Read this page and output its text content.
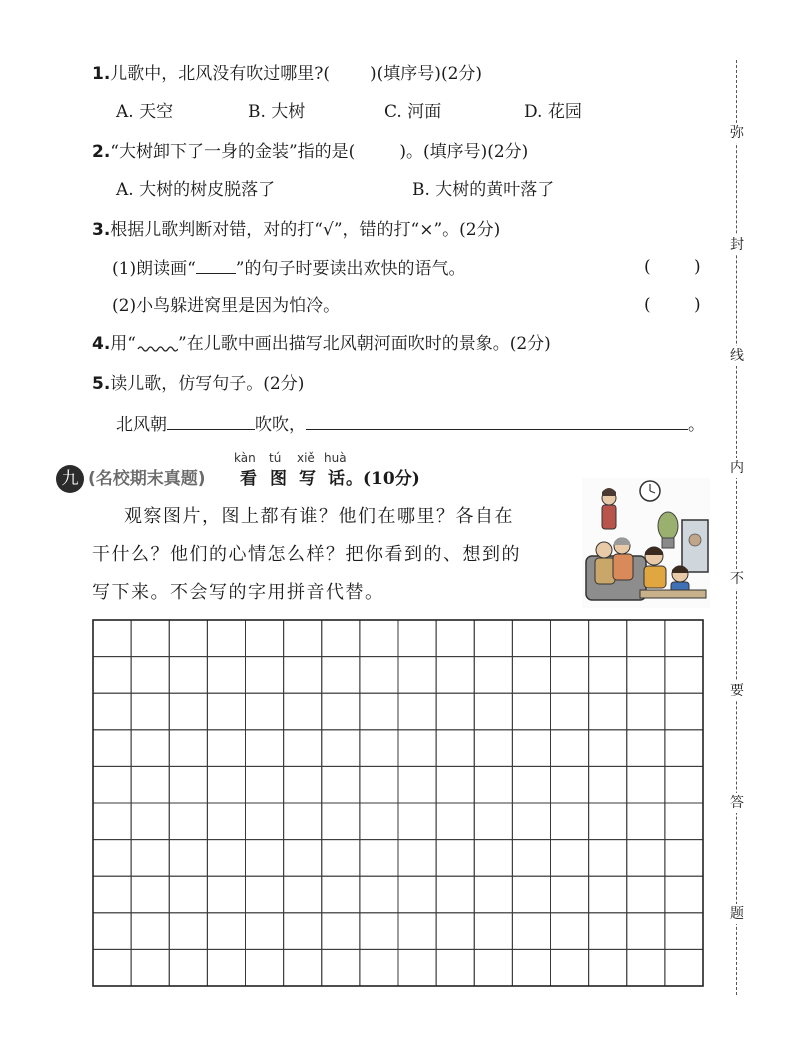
1.儿歌中，北风没有吹过哪里?( )(填序号)(2分)
A. 天空	B. 大树	C. 河面	D. 花园
2.“大树卸下了一身的金装”指的是(	)。(填序号)(2分)
A. 大树的树皮脱落了	B. 大树的黄叶落了
3.根据儿歌判断对错，对的打“√”，错的打“×”。(2分)
(1)朗读画“ ”的句子时要读出欢快的语气。	(	)
(2)小鸟躲进窝里是因为怕冷。	(	)
4.用“ ”在儿歌中画出描写北风朝河面吹时的景象。(2分)
5.读儿歌，仿写句子。(2分)
北风朝	吹吹，	。
九 (名校期末真题)
kàn tú xiě huà
看 图 写 话 。(10分)
观察图片，图上都有谁？他们在哪里？各自在
干什么？他们的心情怎么样？把你看到的、想到的
写下来。不会写的字用拼音代替。
弥
封
线
内
不
要
答
题
